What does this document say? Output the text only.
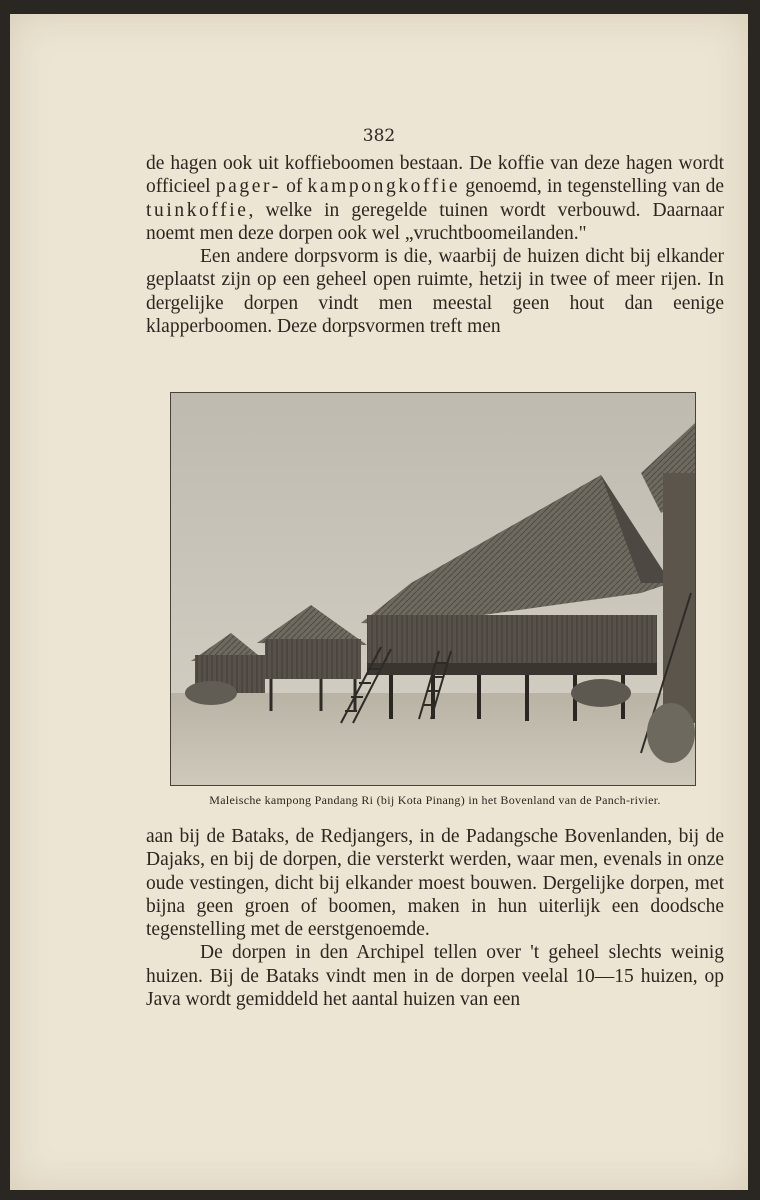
382

de hagen ook uit koffieboomen bestaan. De koffie van deze hagen wordt officieel pager- of kampongkoffie genoemd, in tegenstelling van de tuinkoffie, welke in geregelde tuinen wordt verbouwd. Daarnaar noemt men deze dorpen ook wel „vruchtboomeilanden."

Een andere dorpsvorm is die, waarbij de huizen dicht bij elkander geplaatst zijn op een geheel open ruimte, hetzij in twee of meer rijen. In dergelijke dorpen vindt men meestal geen hout dan eenige klapperboomen. Deze dorpsvormen treft men

Maleische kampong Pandang Ri (bij Kota Pinang) in het Bovenland van de Panch-rivier.

aan bij de Bataks, de Redjangers, in de Padangsche Bovenlanden, bij de Dajaks, en bij de dorpen, die versterkt werden, waar men, evenals in onze oude vestingen, dicht bij elkander moest bouwen. Dergelijke dorpen, met bijna geen groen of boomen, maken in hun uiterlijk een doodsche tegenstelling met de eerstgenoemde.

De dorpen in den Archipel tellen over 't geheel slechts weinig huizen. Bij de Bataks vindt men in de dorpen veelal 10—15 huizen, op Java wordt gemiddeld het aantal huizen van een
